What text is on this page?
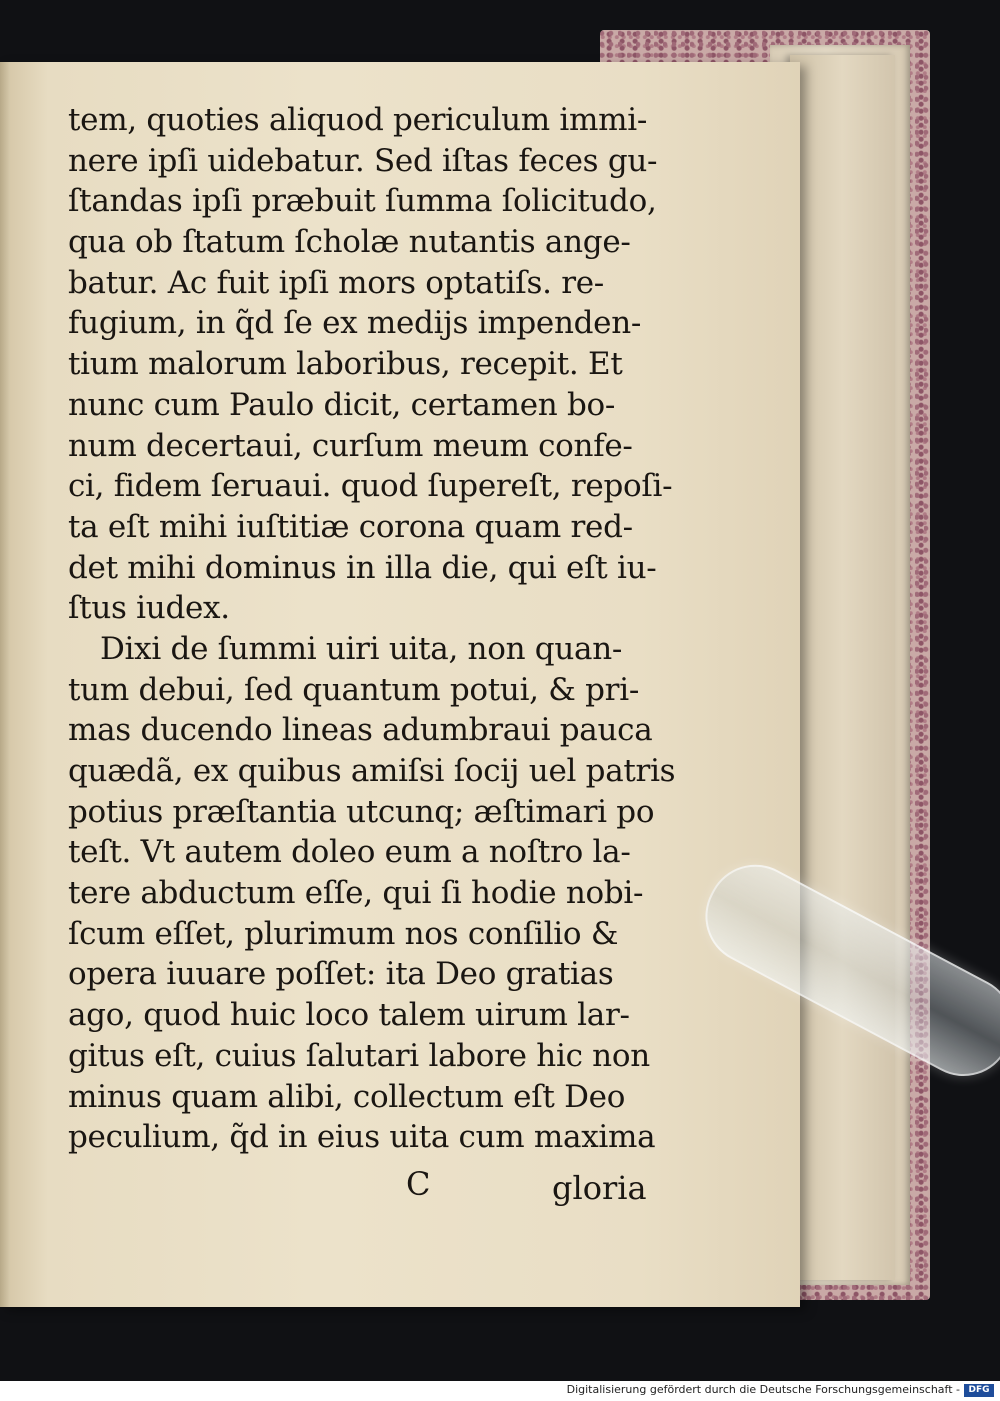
tem, quoties aliquod periculum immi-
nere ipſi uidebatur. Sed iſtas feces gu-
ſtandas ipſi præbuit ſumma ſolicitudo,
qua ob ſtatum ſcholæ nutantis ange-
batur. Ac fuit ipſi mors optatiſs. re-
fugium, in q̃d ſe ex medijs impenden-
tium malorum laboribus, recepit. Et
nunc cum Paulo dicit, certamen bo-
num decertaui, curſum meum confe-
ci, fidem ſeruaui. quod ſupereſt, repoſi-
ta eſt mihi iuſtitiæ corona quam red-
det mihi dominus in illa die, qui eſt iu-
ſtus iudex.
Dixi de ſummi uiri uita, non quan-
tum debui, ſed quantum potui, & pri-
mas ducendo lineas adumbraui pauca
quædã, ex quibus amiſsi ſocij uel patris
potius præſtantia utcunq; æſtimari po
teſt. Vt autem doleo eum a noſtro la-
tere abductum eſſe, qui ſi hodie nobi-
ſcum eſſet, plurimum nos conſilio &
opera iuuare poſſet: ita Deo gratias
ago, quod huic loco talem uirum lar-
gitus eſt, cuius ſalutari labore hic non
minus quam alibi, collectum eſt Deo
peculium, q̃d in eius uita cum maxima
C	gloria
Digitalisierung gefördert durch die Deutsche Forschungsgemeinschaft - DFG
